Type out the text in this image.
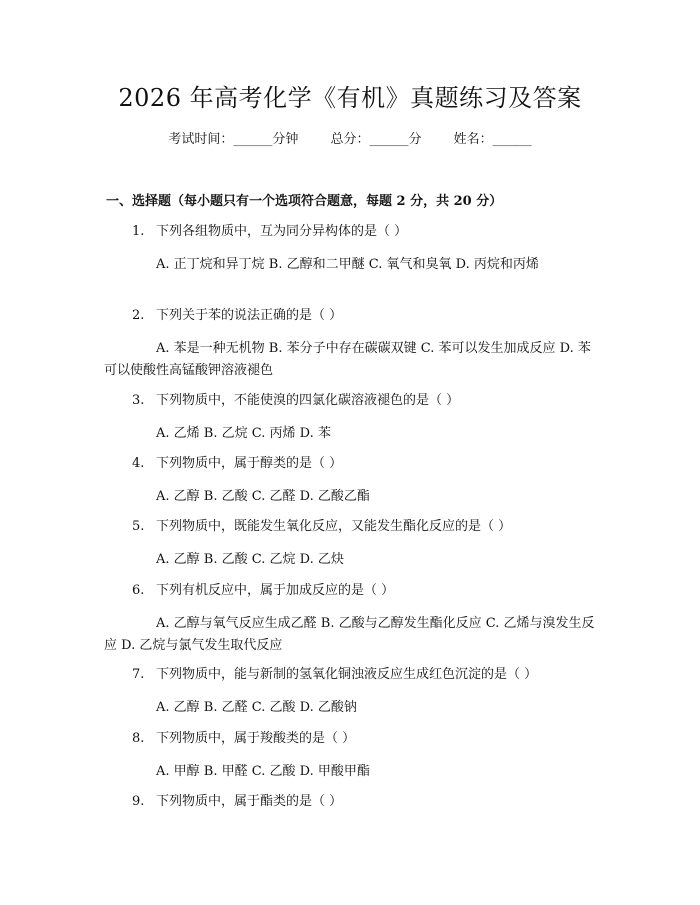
2026 年高考化学《有机》真题练习及答案
考试时间：______分钟 总分：______分 姓名：______
一、选择题（每小题只有一个选项符合题意，每题 2 分，共 20 分）
1. 下列各组物质中，互为同分异构体的是（ ）
A. 正丁烷和异丁烷 B. 乙醇和二甲醚 C. 氧气和臭氧 D. 丙烷和丙烯
2. 下列关于苯的说法正确的是（ ）
A. 苯是一种无机物 B. 苯分子中存在碳碳双键 C. 苯可以发生加成反应 D. 苯可以使酸性高锰酸钾溶液褪色
3. 下列物质中，不能使溴的四氯化碳溶液褪色的是（ ）
A. 乙烯 B. 乙烷 C. 丙烯 D. 苯
4. 下列物质中，属于醇类的是（ ）
A. 乙醇 B. 乙酸 C. 乙醛 D. 乙酸乙酯
5. 下列物质中，既能发生氧化反应，又能发生酯化反应的是（ ）
A. 乙醇 B. 乙酸 C. 乙烷 D. 乙炔
6. 下列有机反应中，属于加成反应的是（ ）
A. 乙醇与氧气反应生成乙醛 B. 乙酸与乙醇发生酯化反应 C. 乙烯与溴发生反应 D. 乙烷与氯气发生取代反应
7. 下列物质中，能与新制的氢氧化铜浊液反应生成红色沉淀的是（ ）
A. 乙醇 B. 乙醛 C. 乙酸 D. 乙酸钠
8. 下列物质中，属于羧酸类的是（ ）
A. 甲醇 B. 甲醛 C. 乙酸 D. 甲酸甲酯
9. 下列物质中，属于酯类的是（ ）
